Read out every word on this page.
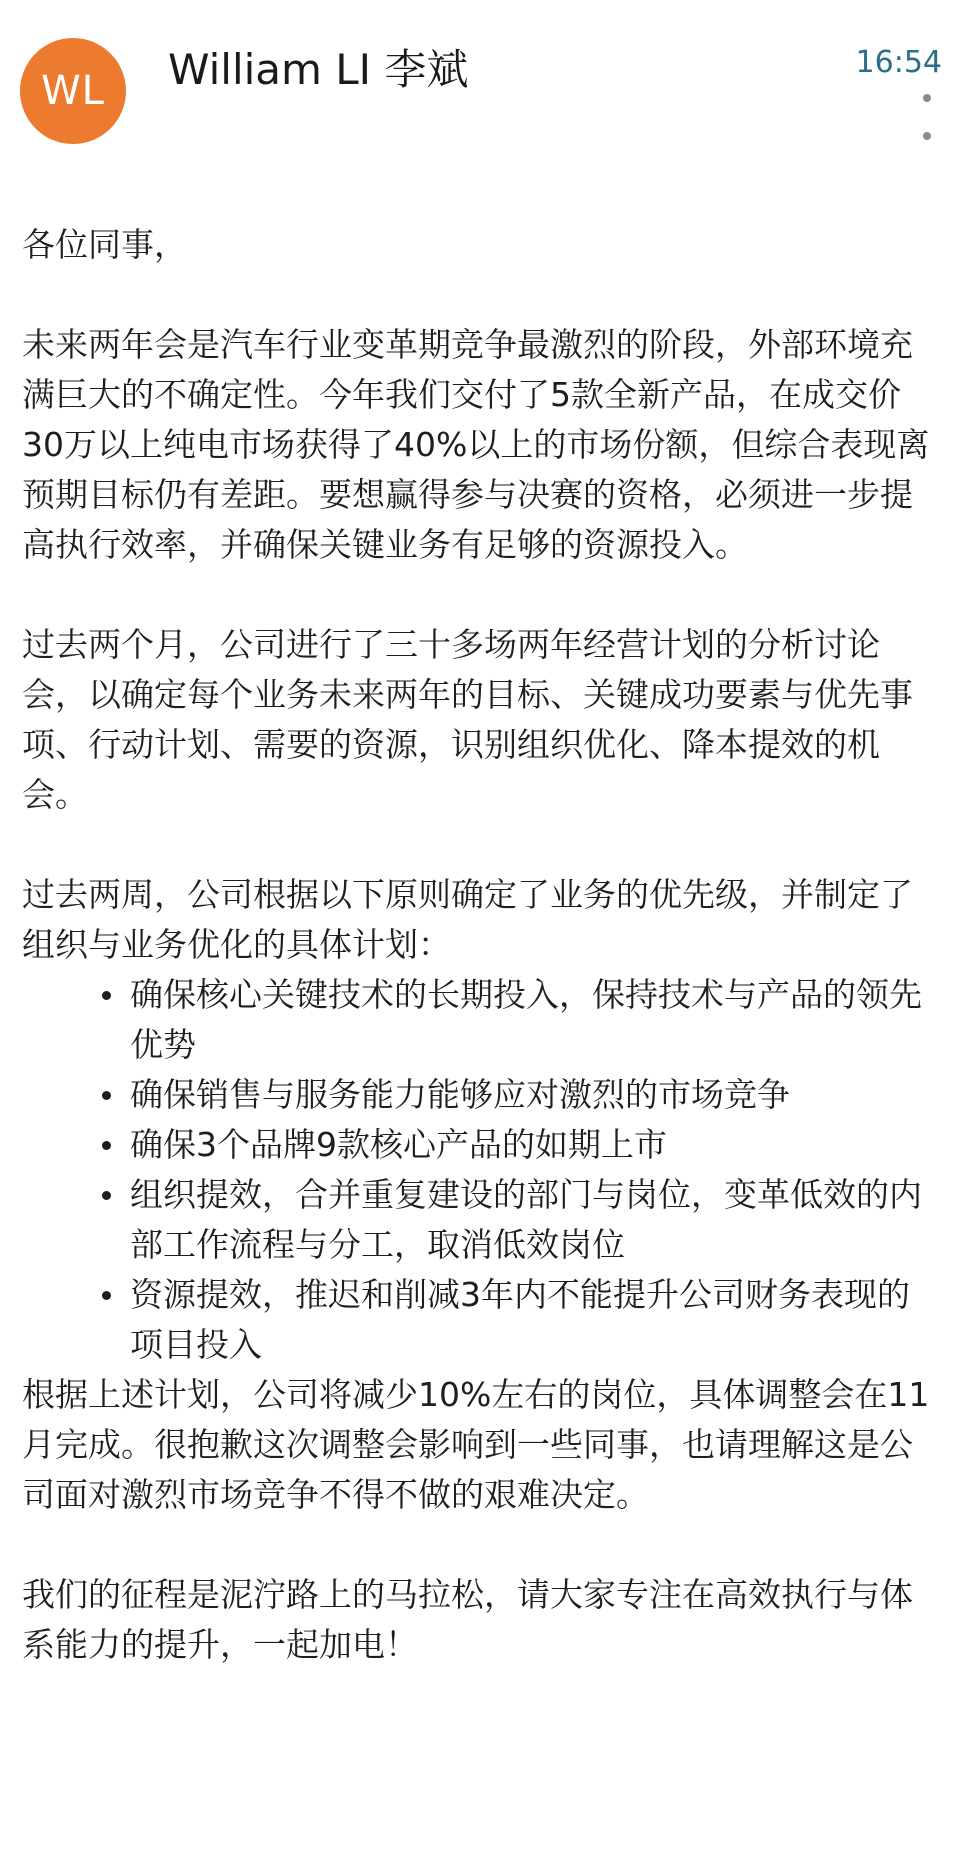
WL	William LI 李斌	16:54

各位同事，

未来两年会是汽车行业变革期竞争最激烈的阶段，外部环境充满巨大的不确定性。今年我们交付了5款全新产品，在成交价30万以上纯电市场获得了40%以上的市场份额，但综合表现离预期目标仍有差距。要想赢得参与决赛的资格，必须进一步提高执行效率，并确保关键业务有足够的资源投入。

过去两个月，公司进行了三十多场两年经营计划的分析讨论会，以确定每个业务未来两年的目标、关键成功要素与优先事项、行动计划、需要的资源，识别组织优化、降本提效的机会。

过去两周，公司根据以下原则确定了业务的优先级，并制定了组织与业务优化的具体计划：

确保核心关键技术的长期投入，保持技术与产品的领先优势
确保销售与服务能力能够应对激烈的市场竞争
确保3个品牌9款核心产品的如期上市
组织提效，合并重复建设的部门与岗位，变革低效的内部工作流程与分工，取消低效岗位
资源提效，推迟和削减3年内不能提升公司财务表现的项目投入

根据上述计划，公司将减少10%左右的岗位，具体调整会在11月完成。很抱歉这次调整会影响到一些同事，也请理解这是公司面对激烈市场竞争不得不做的艰难决定。

我们的征程是泥泞路上的马拉松，请大家专注在高效执行与体系能力的提升，一起加电！
